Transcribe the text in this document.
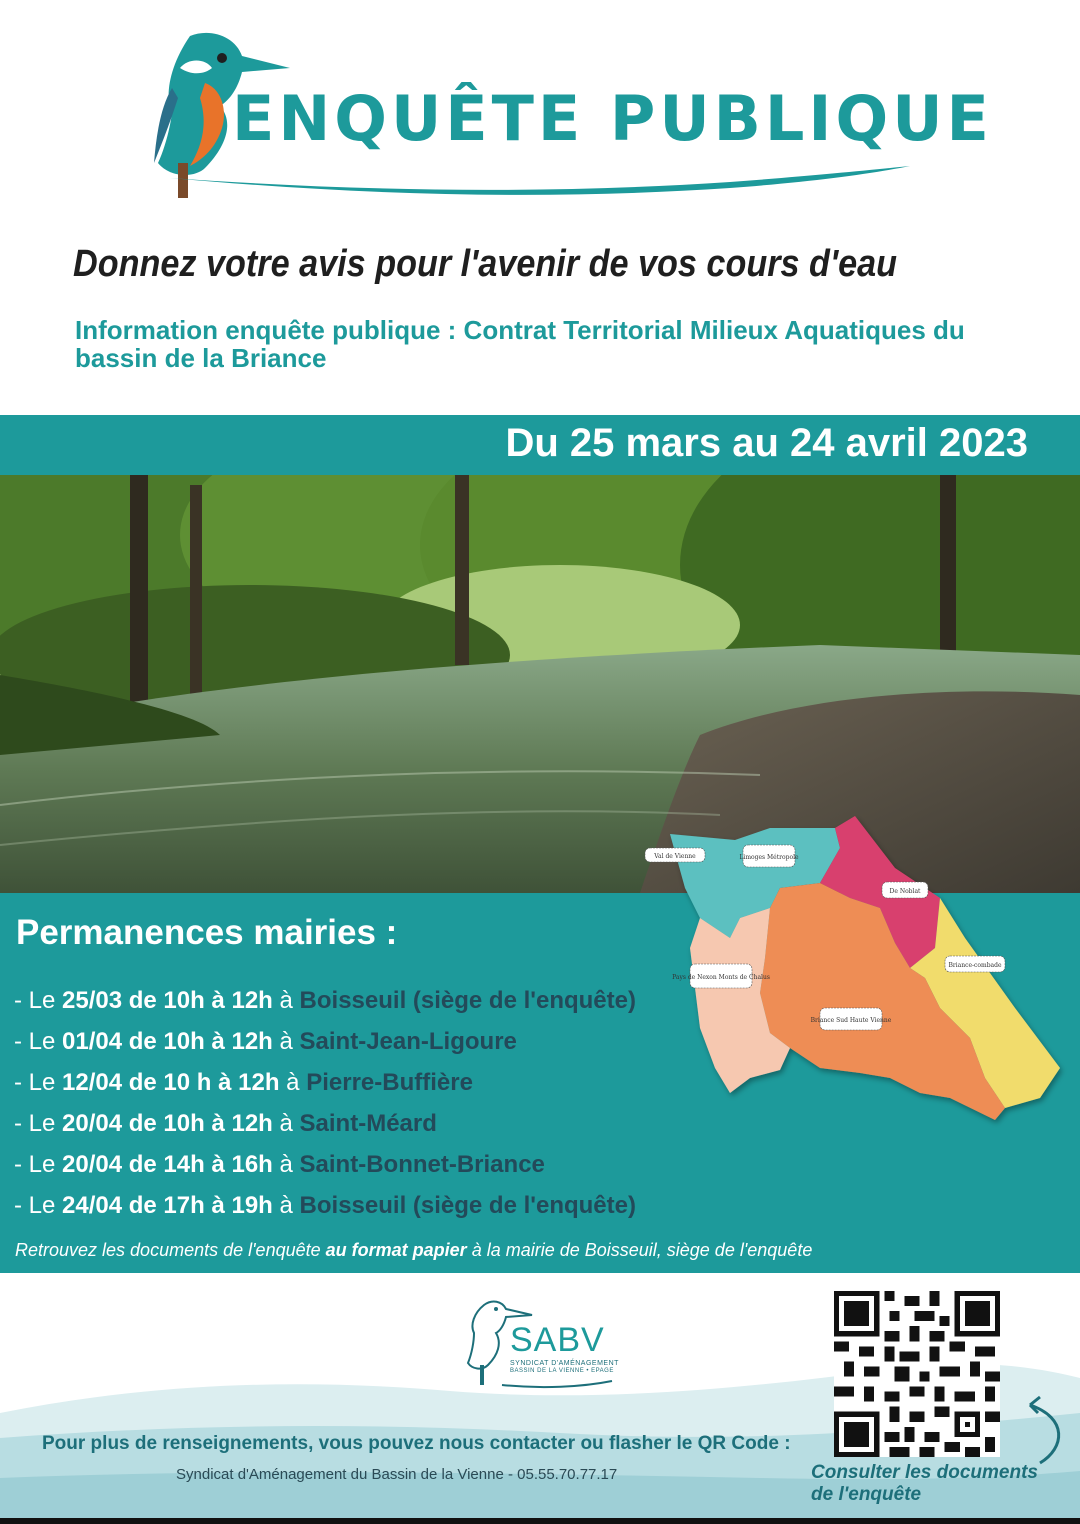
ENQUÊTE PUBLIQUE
Donnez votre avis pour l'avenir de vos cours d'eau
Information enquête publique : Contrat Territorial Milieux Aquatiques du bassin de la Briance
Du 25 mars au 24 avril 2023
Permanences mairies :
- Le 25/03 de 10h à 12h à Boisseuil (siège de l'enquête)
- Le 01/04 de 10h à 12h à Saint-Jean-Ligoure
- Le 12/04 de 10 h à 12h à Pierre-Buffière
- Le 20/04 de 10h à 12h à Saint-Méard
- Le 20/04 de 14h à 16h à Saint-Bonnet-Briance
- Le 24/04 de 17h à 19h à Boisseuil (siège de l'enquête)
Retrouvez les documents de l'enquête au format papier à la mairie de Boisseuil, siège de l'enquête
Val de Vienne	Limoges Métropole
De Noblat
Briance-combade
Pays de Nexon Monts de Chalus
Briance Sud Haute Vienne
SABV
SYNDICAT D'AMÉNAGEMENT
BASSIN DE LA VIENNE • EPAGE
Pour plus de renseignements, vous pouvez nous contacter ou flasher le QR Code :
Syndicat d'Aménagement du Bassin de la Vienne - 05.55.70.77.17	Consulter les documents de l'enquête
